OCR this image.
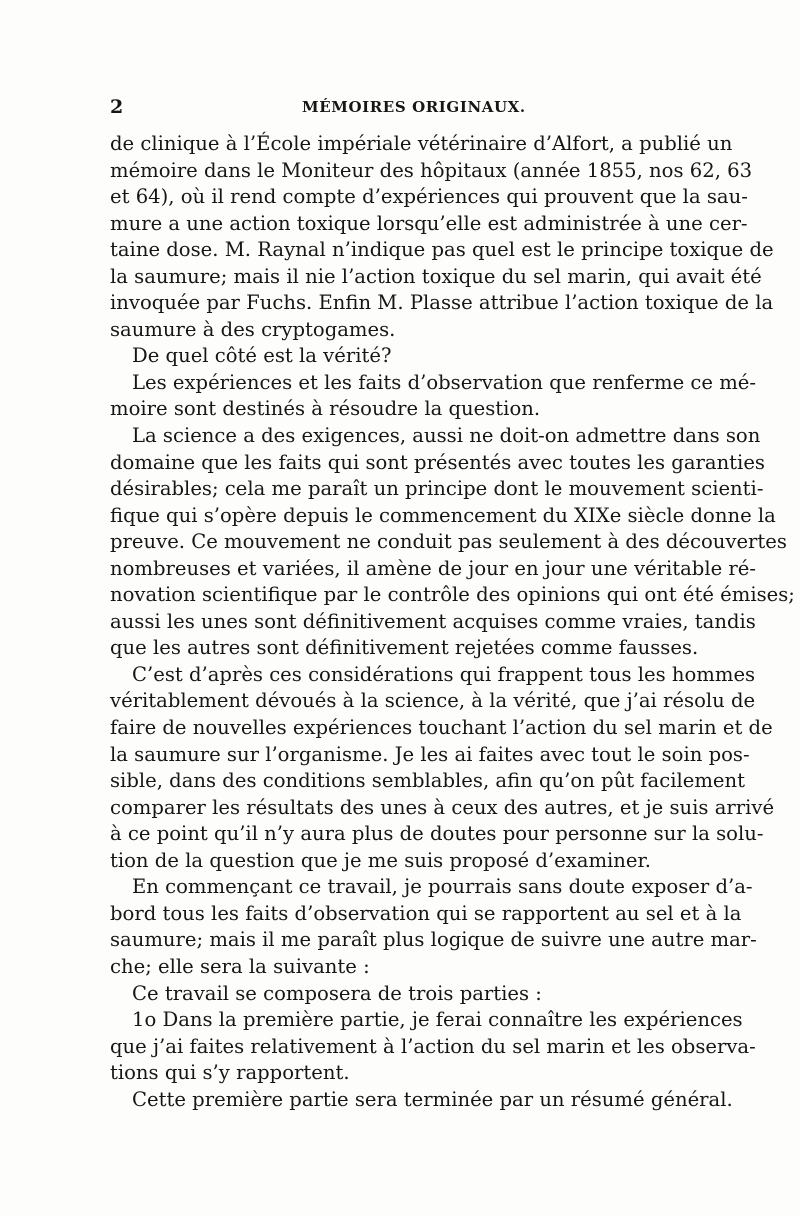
2	MÉMOIRES ORIGINAUX.
de clinique à l’École impériale vétérinaire d’Alfort, a publié un
mémoire dans le Moniteur des hôpitaux (année 1855, nos 62, 63
et 64), où il rend compte d’expériences qui prouvent que la sau-
mure a une action toxique lorsqu’elle est administrée à une cer-
taine dose. M. Raynal n’indique pas quel est le principe toxique de
la saumure; mais il nie l’action toxique du sel marin, qui avait été
invoquée par Fuchs. Enfin M. Plasse attribue l’action toxique de la
saumure à des cryptogames.
De quel côté est la vérité?
Les expériences et les faits d’observation que renferme ce mé-
moire sont destinés à résoudre la question.
La science a des exigences, aussi ne doit-on admettre dans son
domaine que les faits qui sont présentés avec toutes les garanties
désirables; cela me paraît un principe dont le mouvement scienti-
fique qui s’opère depuis le commencement du XIXe siècle donne la
preuve. Ce mouvement ne conduit pas seulement à des découvertes
nombreuses et variées, il amène de jour en jour une véritable ré-
novation scientifique par le contrôle des opinions qui ont été émises;
aussi les unes sont définitivement acquises comme vraies, tandis
que les autres sont définitivement rejetées comme fausses.
C’est d’après ces considérations qui frappent tous les hommes
véritablement dévoués à la science, à la vérité, que j’ai résolu de
faire de nouvelles expériences touchant l’action du sel marin et de
la saumure sur l’organisme. Je les ai faites avec tout le soin pos-
sible, dans des conditions semblables, afin qu’on pût facilement
comparer les résultats des unes à ceux des autres, et je suis arrivé
à ce point qu’il n’y aura plus de doutes pour personne sur la solu-
tion de la question que je me suis proposé d’examiner.
En commençant ce travail, je pourrais sans doute exposer d’a-
bord tous les faits d’observation qui se rapportent au sel et à la
saumure; mais il me paraît plus logique de suivre une autre mar-
che; elle sera la suivante :
Ce travail se composera de trois parties :
1o Dans la première partie, je ferai connaître les expériences
que j’ai faites relativement à l’action du sel marin et les observa-
tions qui s’y rapportent.
Cette première partie sera terminée par un résumé général.
